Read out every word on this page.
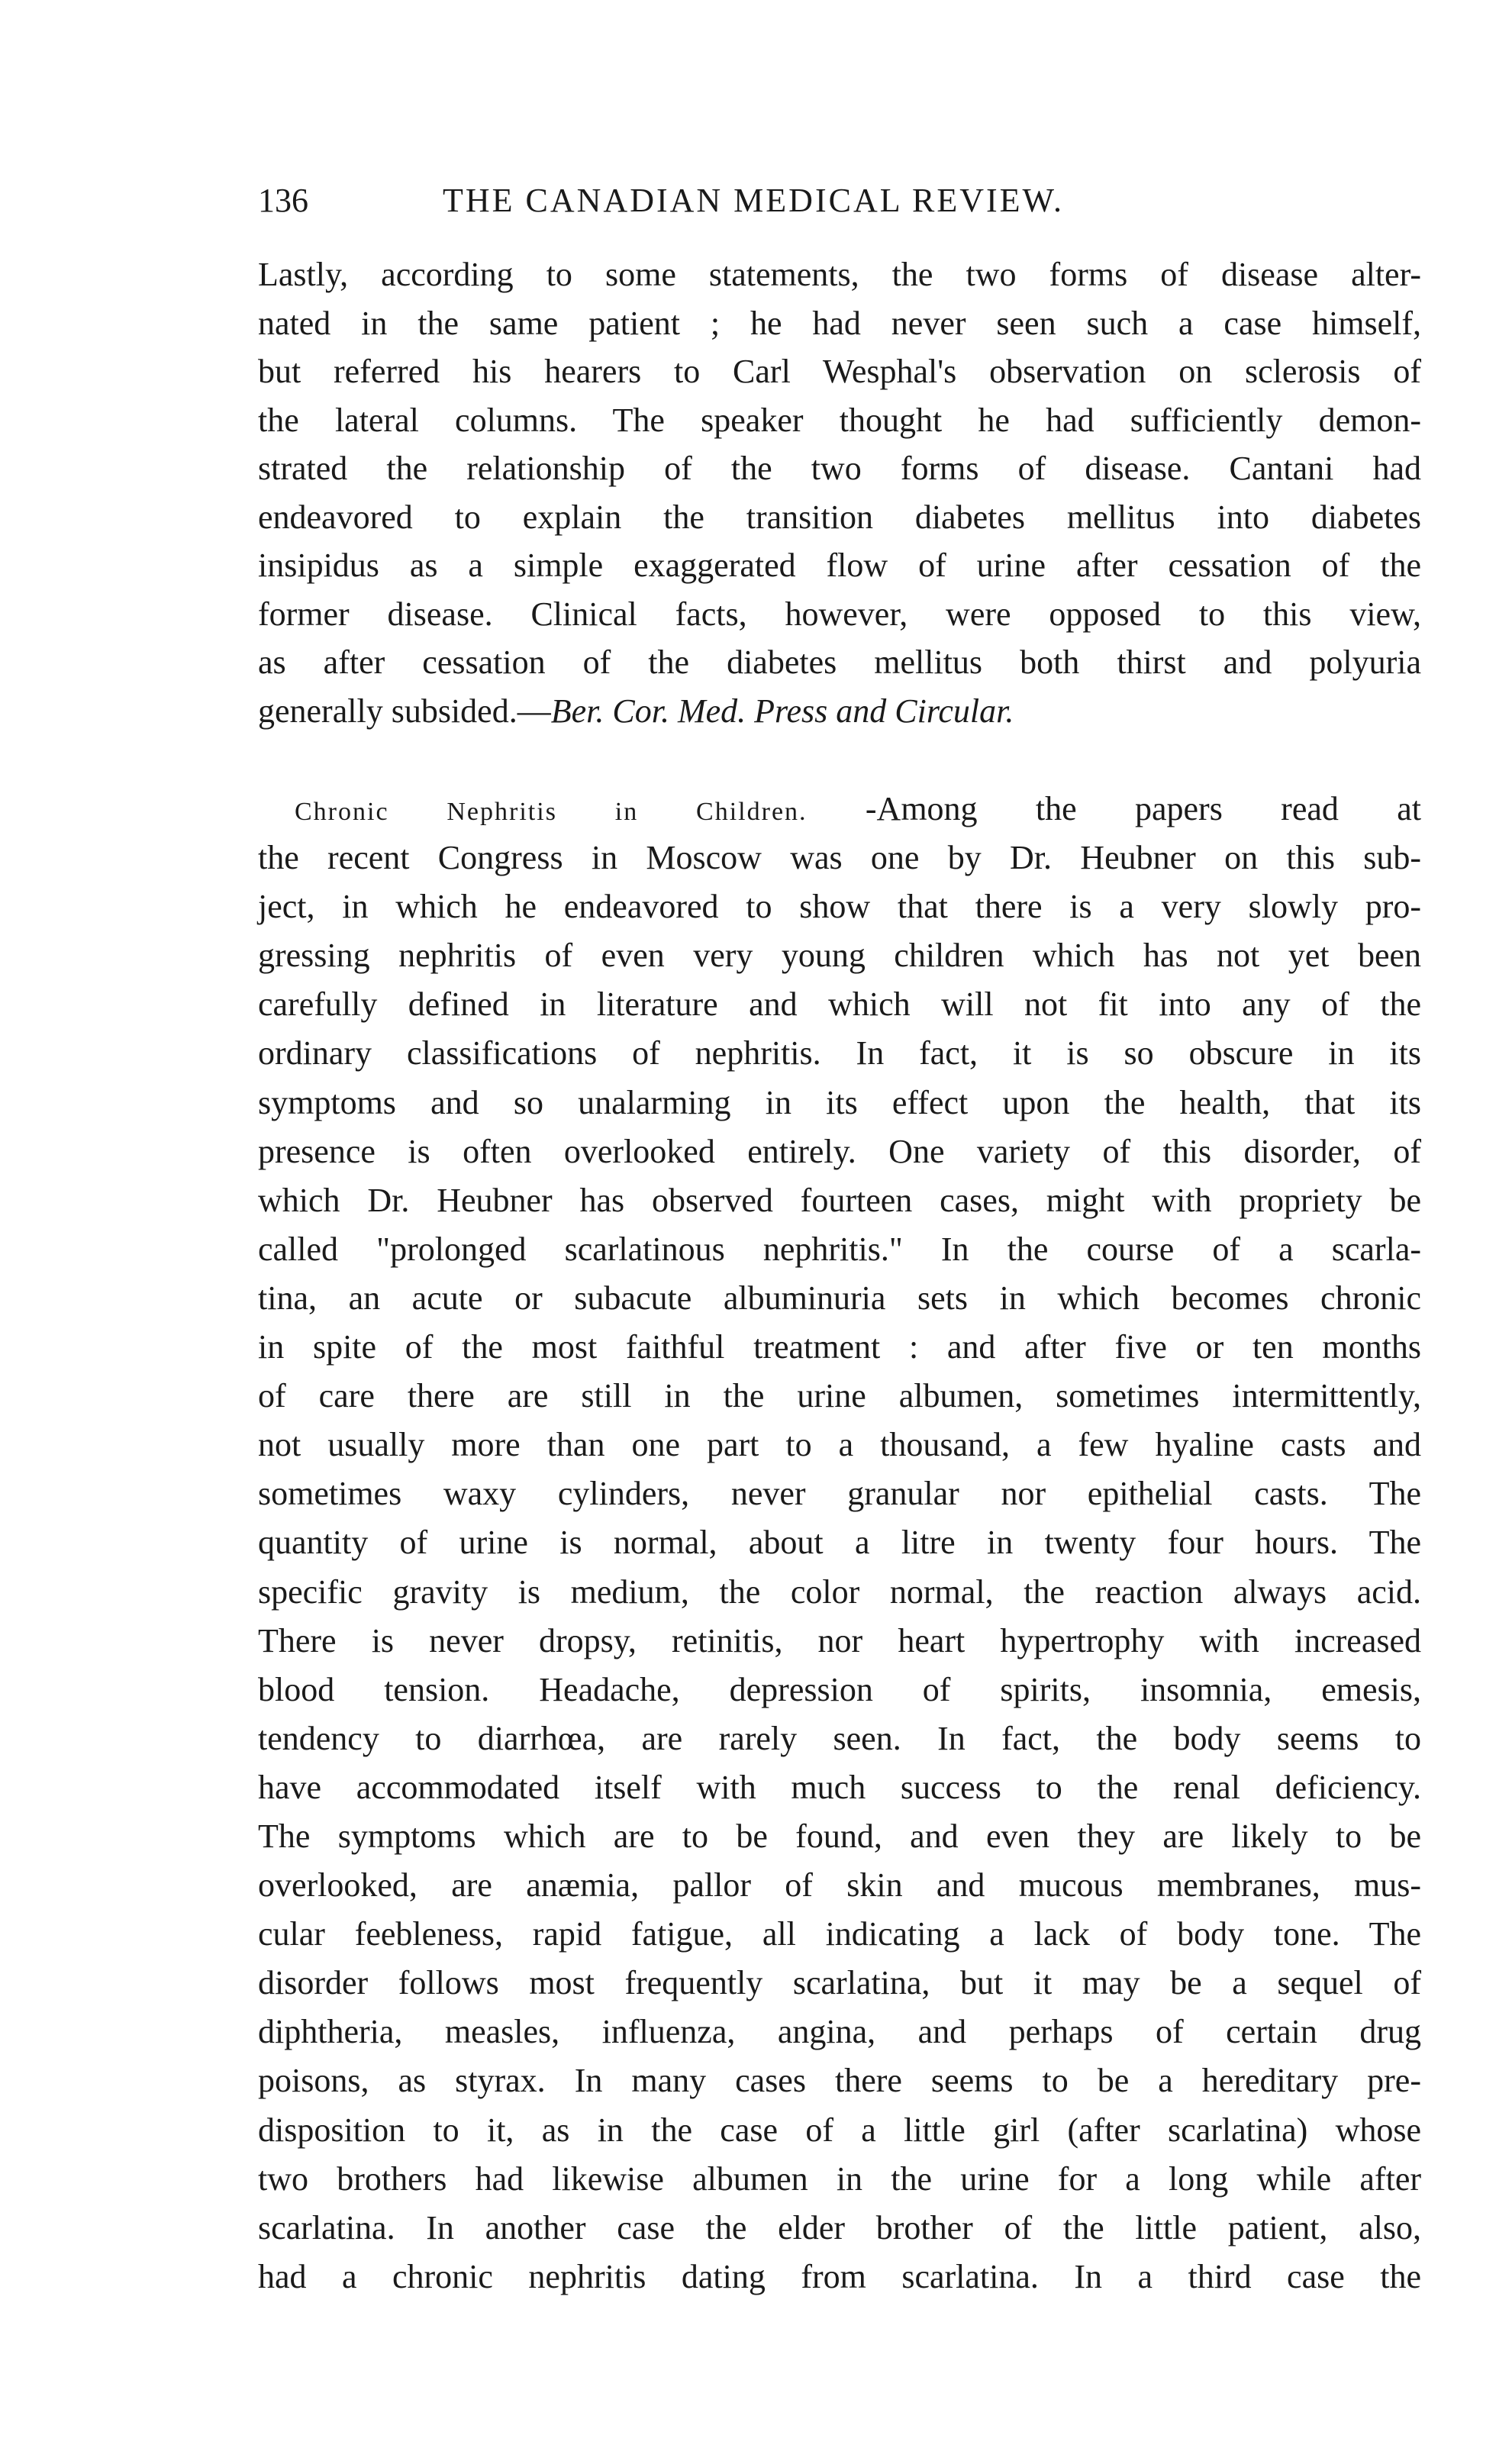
136	THE CANADIAN MEDICAL REVIEW.
Lastly, according to some statements, the two forms of disease alter-
nated in the same patient ; he had never seen such a case himself,
but referred his hearers to Carl Wesphal's observation on sclerosis of
the lateral columns. The speaker thought he had sufficiently demon-
strated the relationship of the two forms of disease. Cantani had
endeavored to explain the transition diabetes mellitus into diabetes
insipidus as a simple exaggerated flow of urine after cessation of the
former disease. Clinical facts, however, were opposed to this view,
as after cessation of the diabetes mellitus both thirst and polyuria
generally subsided.—Ber. Cor. Med. Press and Circular.
Chronic Nephritis in Children. -Among the papers read at
the recent Congress in Moscow was one by Dr. Heubner on this sub-
ject, in which he endeavored to show that there is a very slowly pro-
gressing nephritis of even very young children which has not yet been
carefully defined in literature and which will not fit into any of the
ordinary classifications of nephritis. In fact, it is so obscure in its
symptoms and so unalarming in its effect upon the health, that its
presence is often overlooked entirely. One variety of this disorder, of
which Dr. Heubner has observed fourteen cases, might with propriety be
called "prolonged scarlatinous nephritis." In the course of a scarla-
tina, an acute or subacute albuminuria sets in which becomes chronic
in spite of the most faithful treatment : and after five or ten months
of care there are still in the urine albumen, sometimes intermittently,
not usually more than one part to a thousand, a few hyaline casts and
sometimes waxy cylinders, never granular nor epithelial casts. The
quantity of urine is normal, about a litre in twenty four hours. The
specific gravity is medium, the color normal, the reaction always acid.
There is never dropsy, retinitis, nor heart hypertrophy with increased
blood tension. Headache, depression of spirits, insomnia, emesis,
tendency to diarrhœa, are rarely seen. In fact, the body seems to
have accommodated itself with much success to the renal deficiency.
The symptoms which are to be found, and even they are likely to be
overlooked, are anæmia, pallor of skin and mucous membranes, mus-
cular feebleness, rapid fatigue, all indicating a lack of body tone. The
disorder follows most frequently scarlatina, but it may be a sequel of
diphtheria, measles, influenza, angina, and perhaps of certain drug
poisons, as styrax. In many cases there seems to be a hereditary pre-
disposition to it, as in the case of a little girl (after scarlatina) whose
two brothers had likewise albumen in the urine for a long while after
scarlatina. In another case the elder brother of the little patient, also,
had a chronic nephritis dating from scarlatina. In a third case the
